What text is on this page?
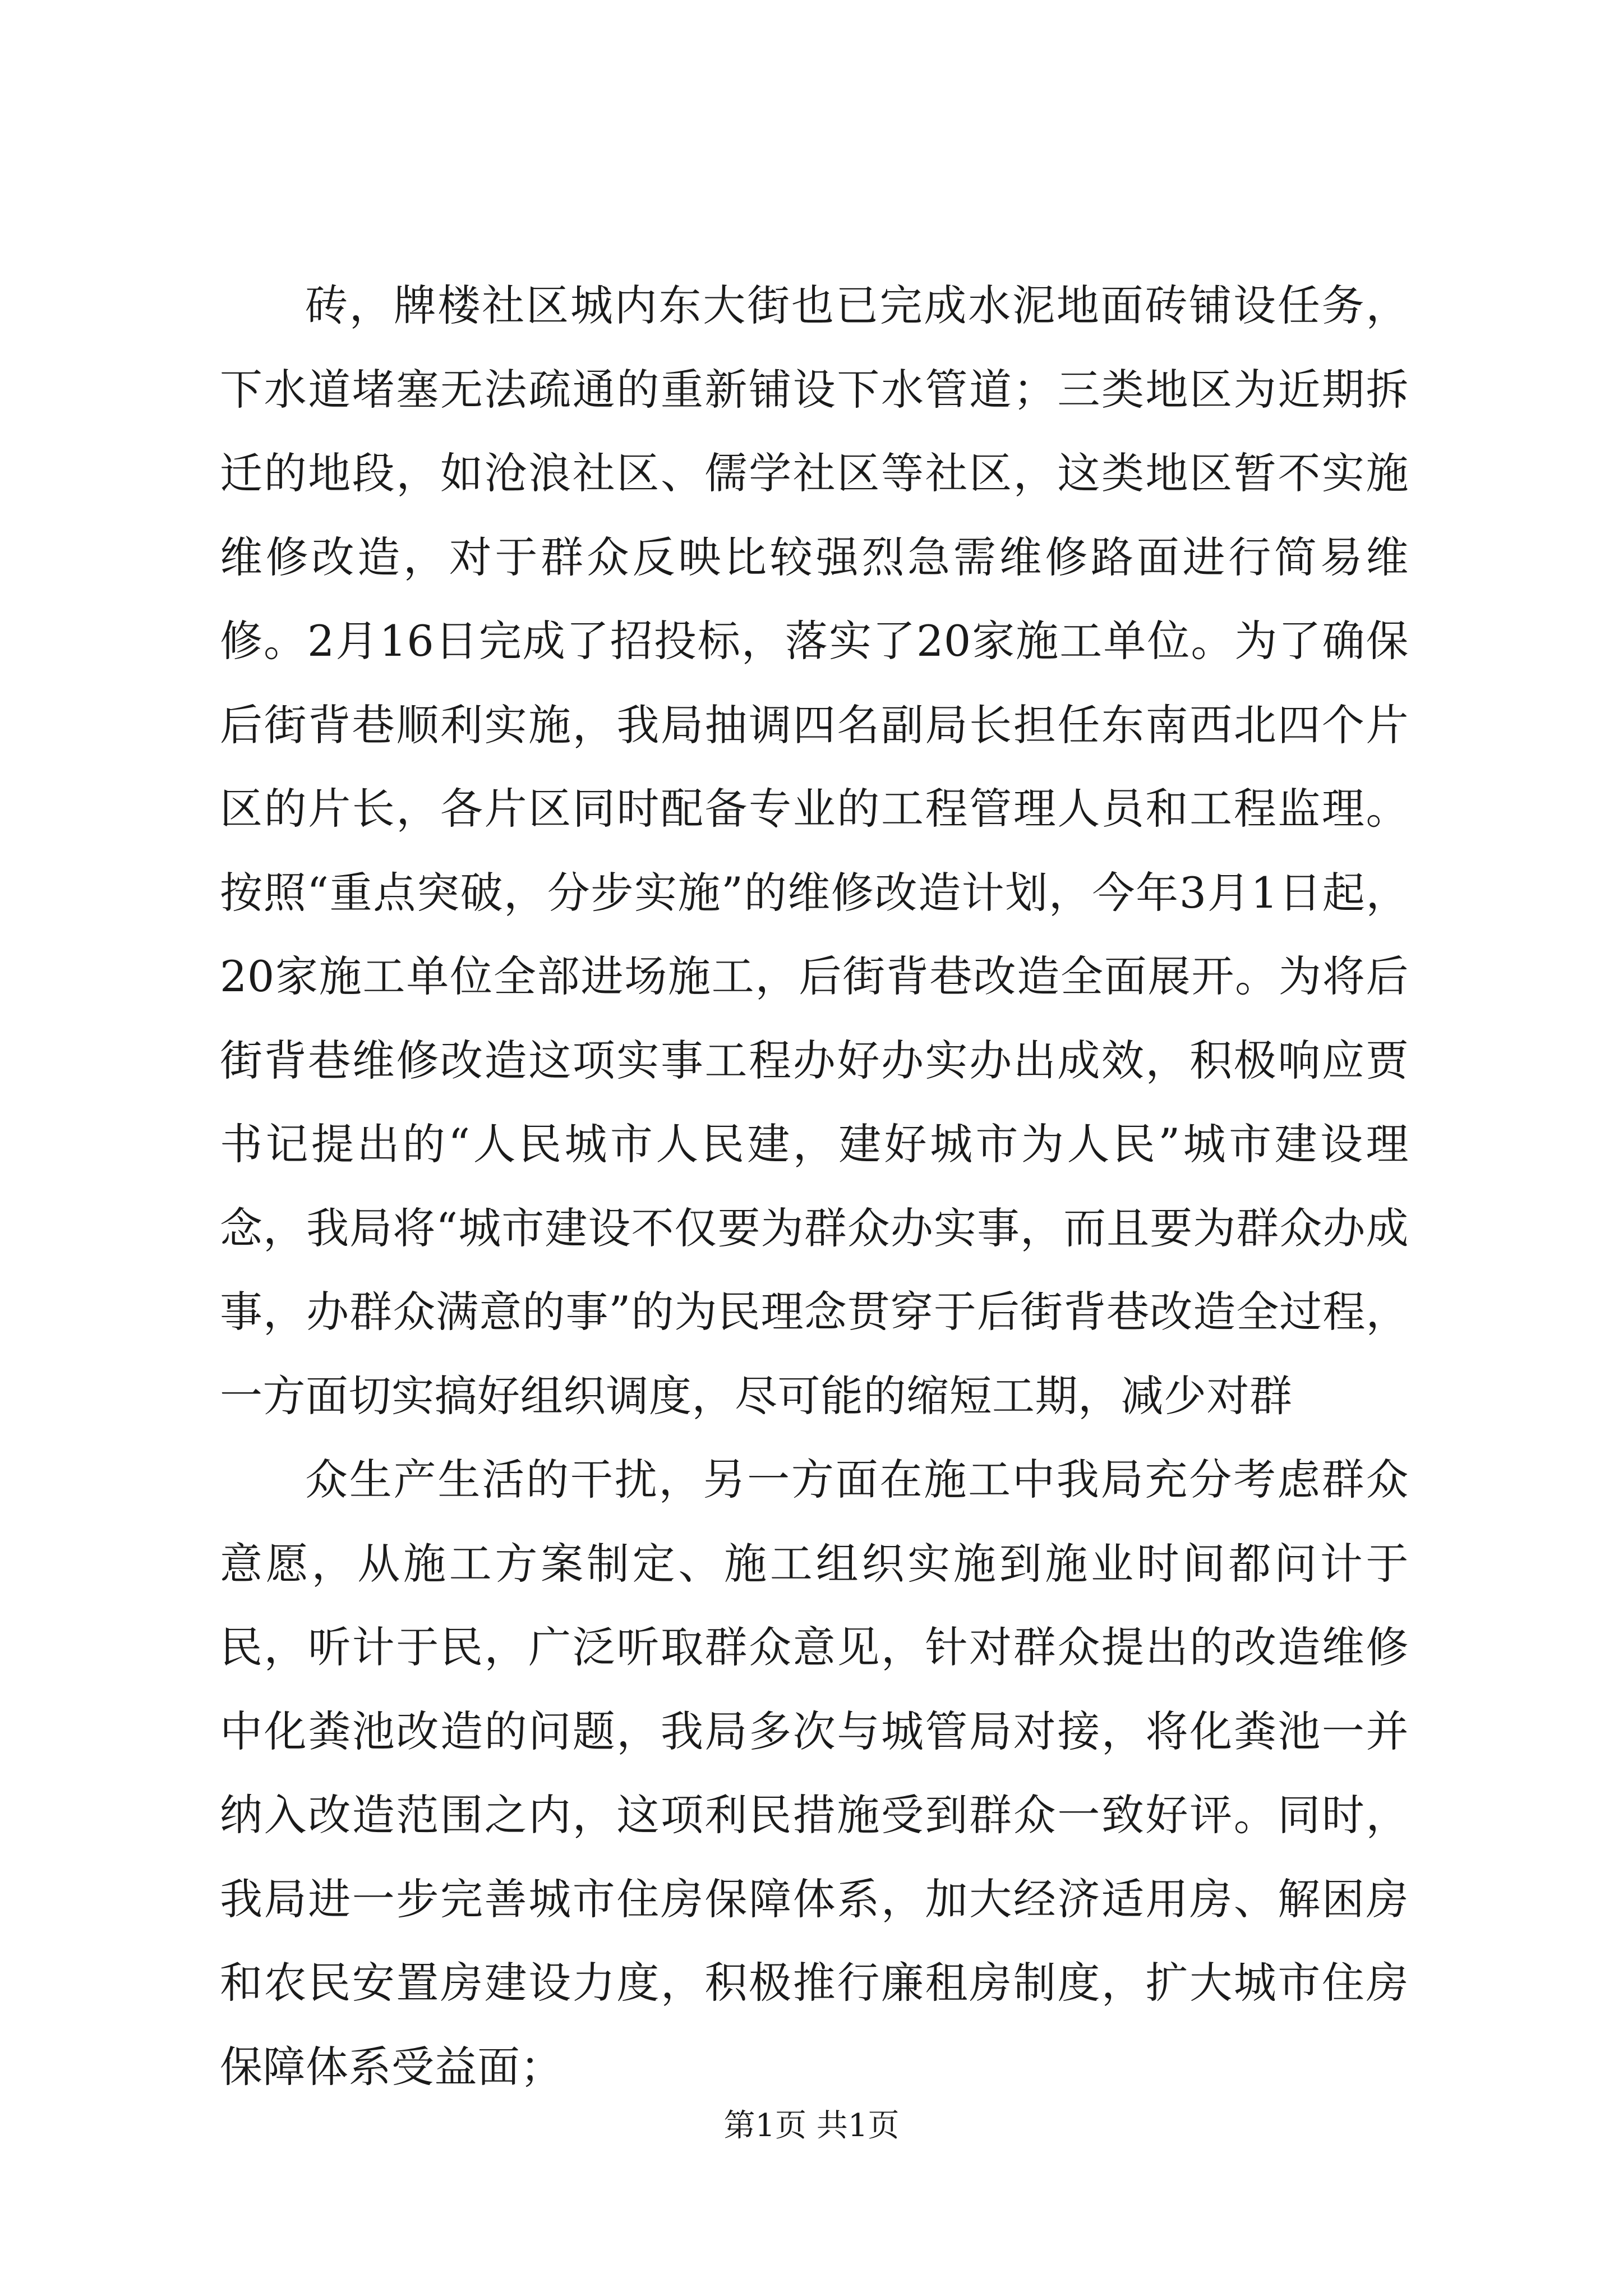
砖，牌楼社区城内东大街也已完成水泥地面砖铺设任务，下水道堵塞无法疏通的重新铺设下水管道；三类地区为近期拆迁的地段，如沧浪社区、儒学社区等社区，这类地区暂不实施维修改造，对于群众反映比较强烈急需维修路面进行简易维修。2月16日完成了招投标，落实了20家施工单位。为了确保后街背巷顺利实施，我局抽调四名副局长担任东南西北四个片区的片长，各片区同时配备专业的工程管理人员和工程监理。按照“重点突破，分步实施”的维修改造计划，今年3月1日起，20家施工单位全部进场施工，后街背巷改造全面展开。为将后街背巷维修改造这项实事工程办好办实办出成效，积极响应贾书记提出的“人民城市人民建，建好城市为人民”城市建设理念，我局将“城市建设不仅要为群众办实事，而且要为群众办成事，办群众满意的事”的为民理念贯穿于后街背巷改造全过程，一方面切实搞好组织调度，尽可能的缩短工期，减少对群

众生产生活的干扰，另一方面在施工中我局充分考虑群众意愿，从施工方案制定、施工组织实施到施业时间都问计于民，听计于民，广泛听取群众意见，针对群众提出的改造维修中化粪池改造的问题，我局多次与城管局对接，将化粪池一并纳入改造范围之内，这项利民措施受到群众一致好评。同时，我局进一步完善城市住房保障体系，加大经济适用房、解困房和农民安置房建设力度，积极推行廉租房制度，扩大城市住房保障体系受益面；

第1页 共1页
